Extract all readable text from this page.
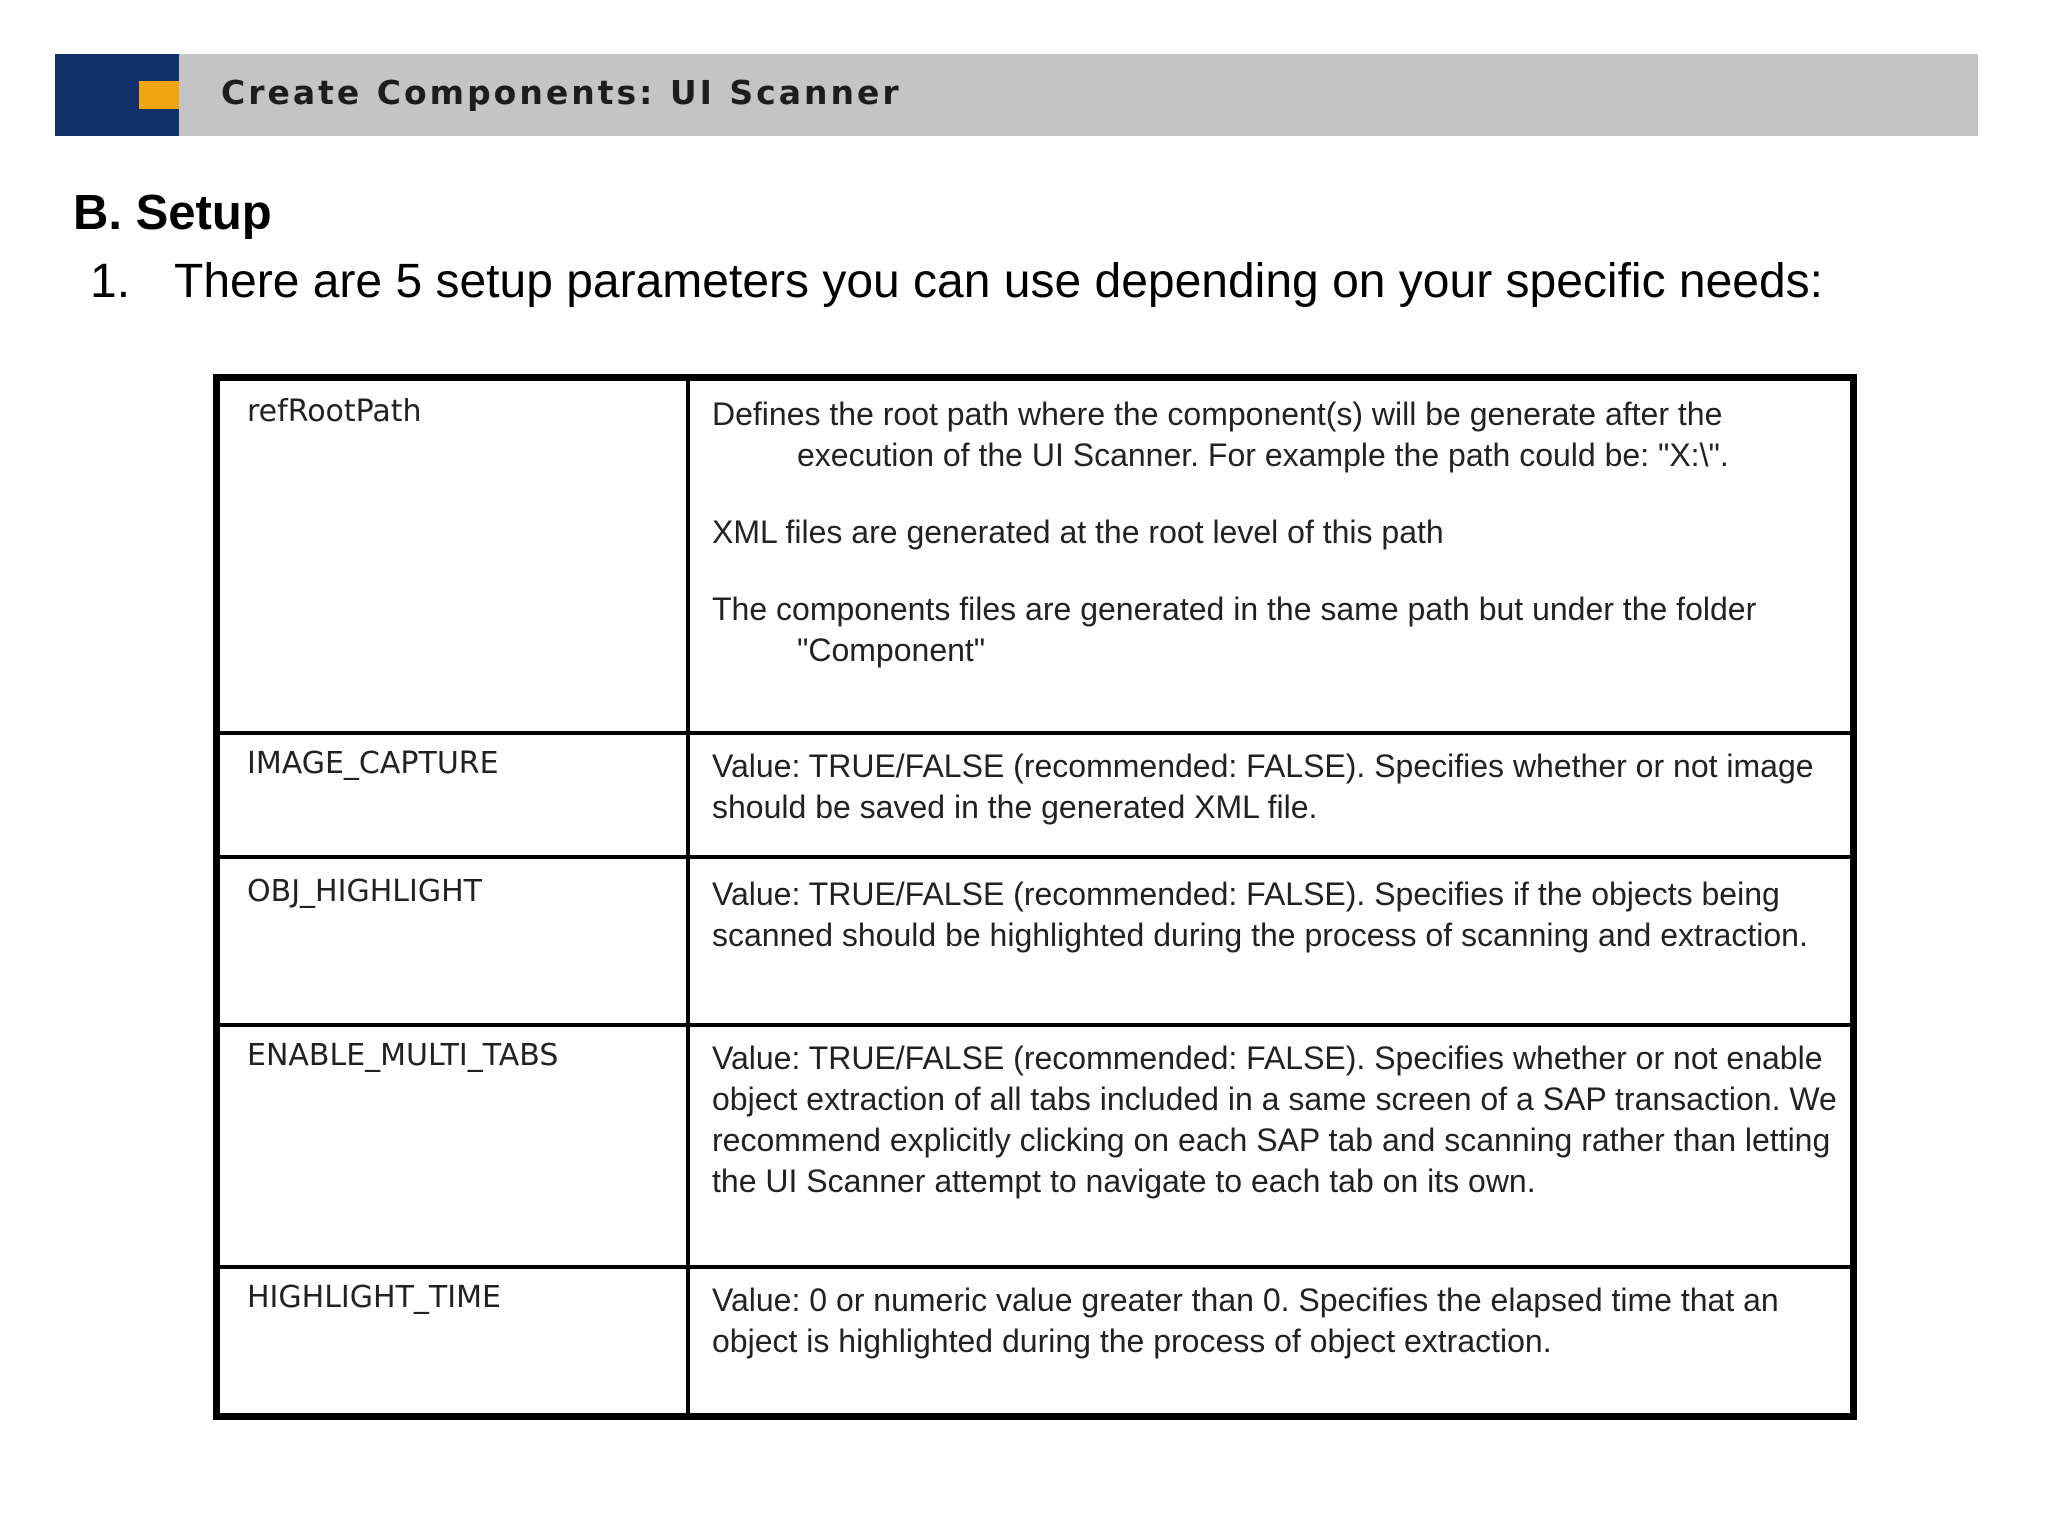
Create Components: UI Scanner
B. Setup
1. There are 5 setup parameters you can use depending on your specific needs:
refRootPath	Defines the root path where the component(s) will be generate after the execution of the UI Scanner. For example the path could be: "X:\".

XML files are generated at the root level of this path

The components files are generated in the same path but under the folder "Component"

IMAGE_CAPTURE	Value: TRUE/FALSE (recommended: FALSE). Specifies whether or not image should be saved in the generated XML file.

OBJ_HIGHLIGHT	Value: TRUE/FALSE (recommended: FALSE). Specifies if the objects being scanned should be highlighted during the process of scanning and extraction.

ENABLE_MULTI_TABS	Value: TRUE/FALSE (recommended: FALSE). Specifies whether or not enable object extraction of all tabs included in a same screen of a SAP transaction. We recommend explicitly clicking on each SAP tab and scanning rather than letting the UI Scanner attempt to navigate to each tab on its own.

HIGHLIGHT_TIME	Value: 0 or numeric value greater than 0. Specifies the elapsed time that an object is highlighted during the process of object extraction.
